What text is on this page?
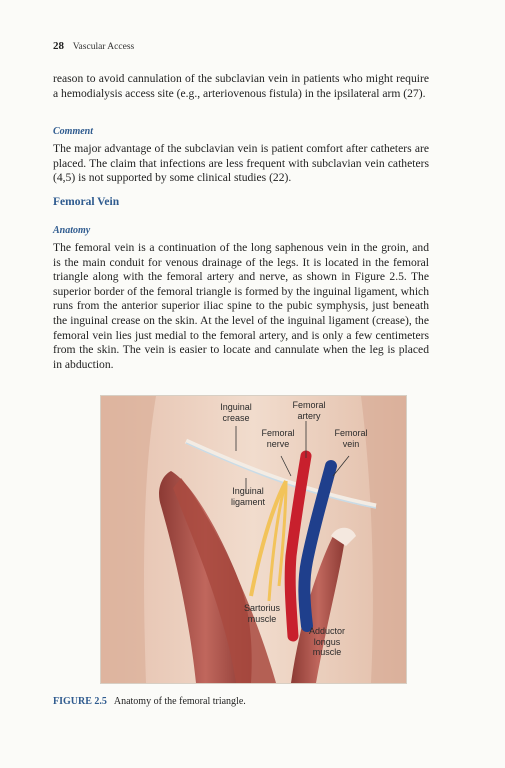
28 Vascular Access
reason to avoid cannulation of the subclavian vein in patients who might require a hemodialysis access site (e.g., arteriovenous fistula) in the ipsilateral arm (27).
Comment
The major advantage of the subclavian vein is patient comfort after catheters are placed. The claim that infections are less frequent with subclavian vein catheters (4,5) is not supported by some clinical studies (22).
Femoral Vein
Anatomy
The femoral vein is a continuation of the long saphenous vein in the groin, and is the main conduit for venous drainage of the legs. It is located in the femoral triangle along with the femoral artery and nerve, as shown in Figure 2.5. The superior border of the femoral triangle is formed by the inguinal ligament, which runs from the anterior superior iliac spine to the pubic symphysis, just beneath the inguinal crease on the skin. At the level of the inguinal ligament (crease), the femoral vein lies just medial to the femoral artery, and is only a few centimeters from the skin. The vein is easier to locate and cannulate when the leg is placed in abduction.
Inguinal crease
Femoral artery
Femoral nerve
Femoral vein
Inguinal ligament
Sartorius muscle
Adductor longus muscle
FIGURE 2.5 Anatomy of the femoral triangle.
